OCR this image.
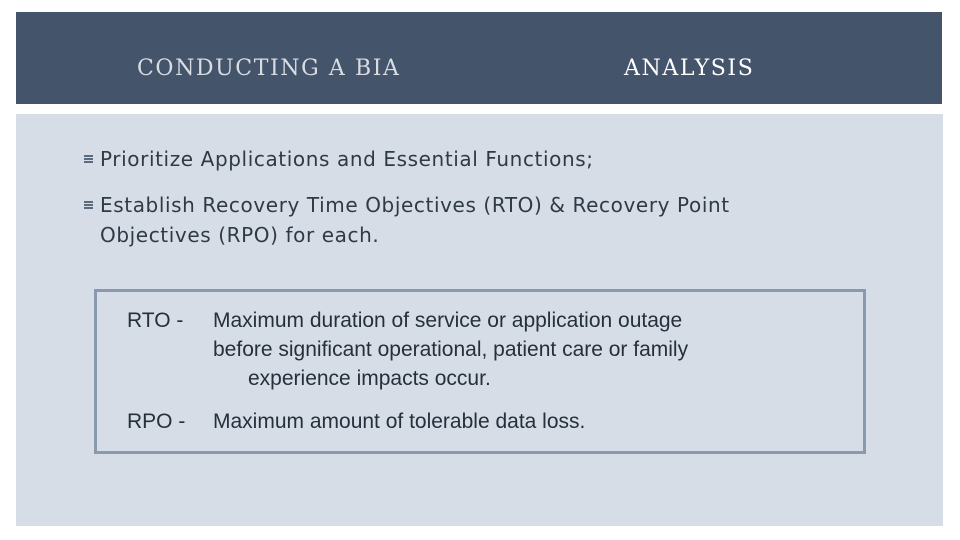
CONDUCTING A BIA	ANALYSIS
Prioritize Applications and Essential Functions;
Establish Recovery Time Objectives (RTO) & Recovery Point
Objectives (RPO) for each.
RTO - Maximum duration of service or application outage
before significant operational, patient care or family
experience impacts occur.
RPO - Maximum amount of tolerable data loss.
